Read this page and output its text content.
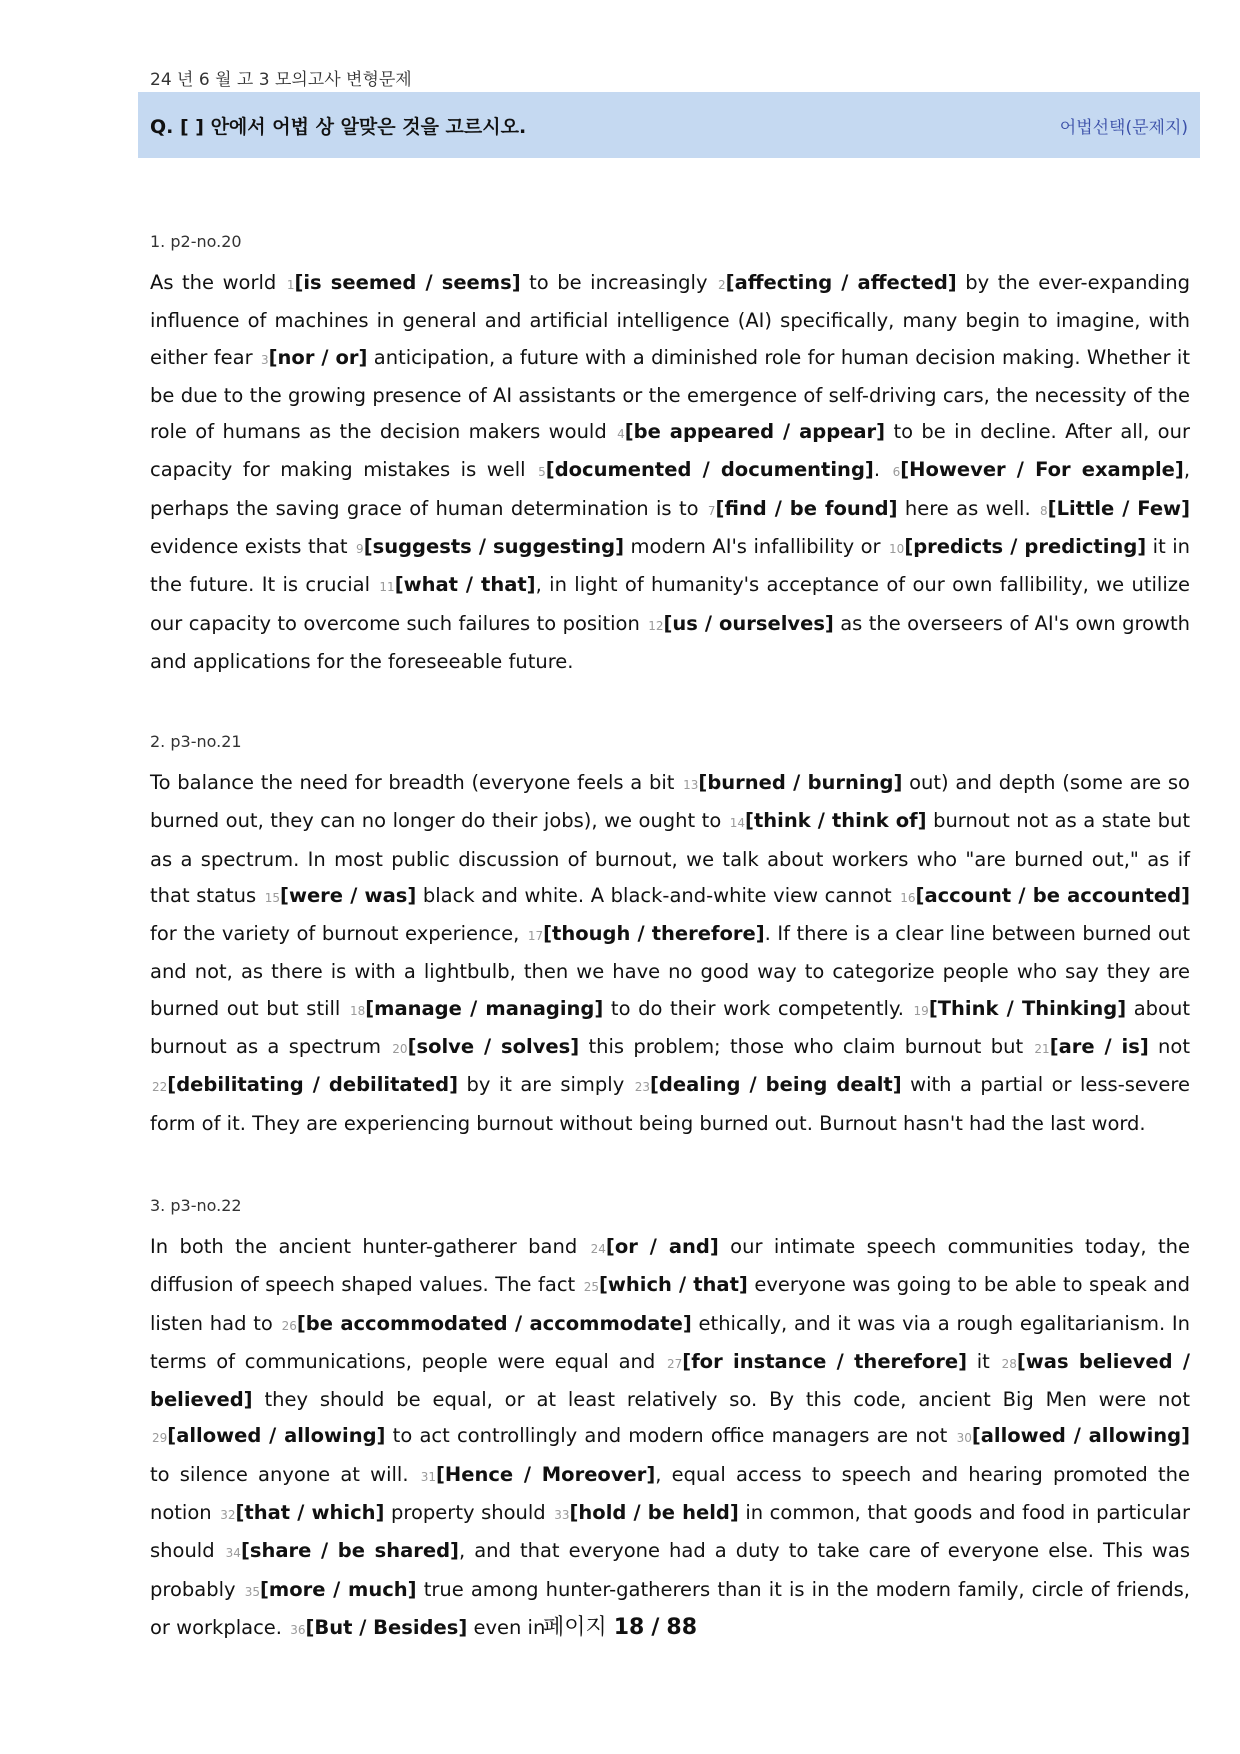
24 년 6 월 고 3 모의고사 변형문제
Q. [ ] 안에서 어법 상 알맞은 것을 고르시오.	어법선택(문제지)
1. p2-no.20

As the world 1[is seemed / seems] to be increasingly 2[affecting / affected] by the ever-expanding influence of machines in general and artificial intelligence (AI) specifically, many begin to imagine, with either fear 3[nor / or] anticipation, a future with a diminished role for human decision making. Whether it be due to the growing presence of AI assistants or the emergence of self-driving cars, the necessity of the role of humans as the decision makers would 4[be appeared / appear] to be in decline. After all, our capacity for making mistakes is well 5[documented / documenting]. 6[However / For example], perhaps the saving grace of human determination is to 7[find / be found] here as well. 8[Little / Few] evidence exists that 9[suggests / suggesting] modern AI's infallibility or 10[predicts / predicting] it in the future. It is crucial 11[what / that], in light of humanity's acceptance of our own fallibility, we utilize our capacity to overcome such failures to position 12[us / ourselves] as the overseers of AI's own growth and applications for the foreseeable future.

2. p3-no.21

To balance the need for breadth (everyone feels a bit 13[burned / burning] out) and depth (some are so burned out, they can no longer do their jobs), we ought to 14[think / think of] burnout not as a state but as a spectrum. In most public discussion of burnout, we talk about workers who "are burned out," as if that status 15[were / was] black and white. A black-and-white view cannot 16[account / be accounted] for the variety of burnout experience, 17[though / therefore]. If there is a clear line between burned out and not, as there is with a lightbulb, then we have no good way to categorize people who say they are burned out but still 18[manage / managing] to do their work competently. 19[Think / Thinking] about burnout as a spectrum 20[solve / solves] this problem; those who claim burnout but 21[are / is] not 22[debilitating / debilitated] by it are simply 23[dealing / being dealt] with a partial or less-severe form of it. They are experiencing burnout without being burned out. Burnout hasn't had the last word.

3. p3-no.22

In both the ancient hunter-gatherer band 24[or / and] our intimate speech communities today, the diffusion of speech shaped values. The fact 25[which / that] everyone was going to be able to speak and listen had to 26[be accommodated / accommodate] ethically, and it was via a rough egalitarianism. In terms of communications, people were equal and 27[for instance / therefore] it 28[was believed / believed] they should be equal, or at least relatively so. By this code, ancient Big Men were not 29[allowed / allowing] to act controllingly and modern office managers are not 30[allowed / allowing] to silence anyone at will. 31[Hence / Moreover], equal access to speech and hearing promoted the notion 32[that / which] property should 33[hold / be held] in common, that goods and food in particular should 34[share / be shared], and that everyone had a duty to take care of everyone else. This was probably 35[more / much] true among hunter-gatherers than it is in the modern family, circle of friends, or workplace. 36[But / Besides] even in

페이지 18 / 88
